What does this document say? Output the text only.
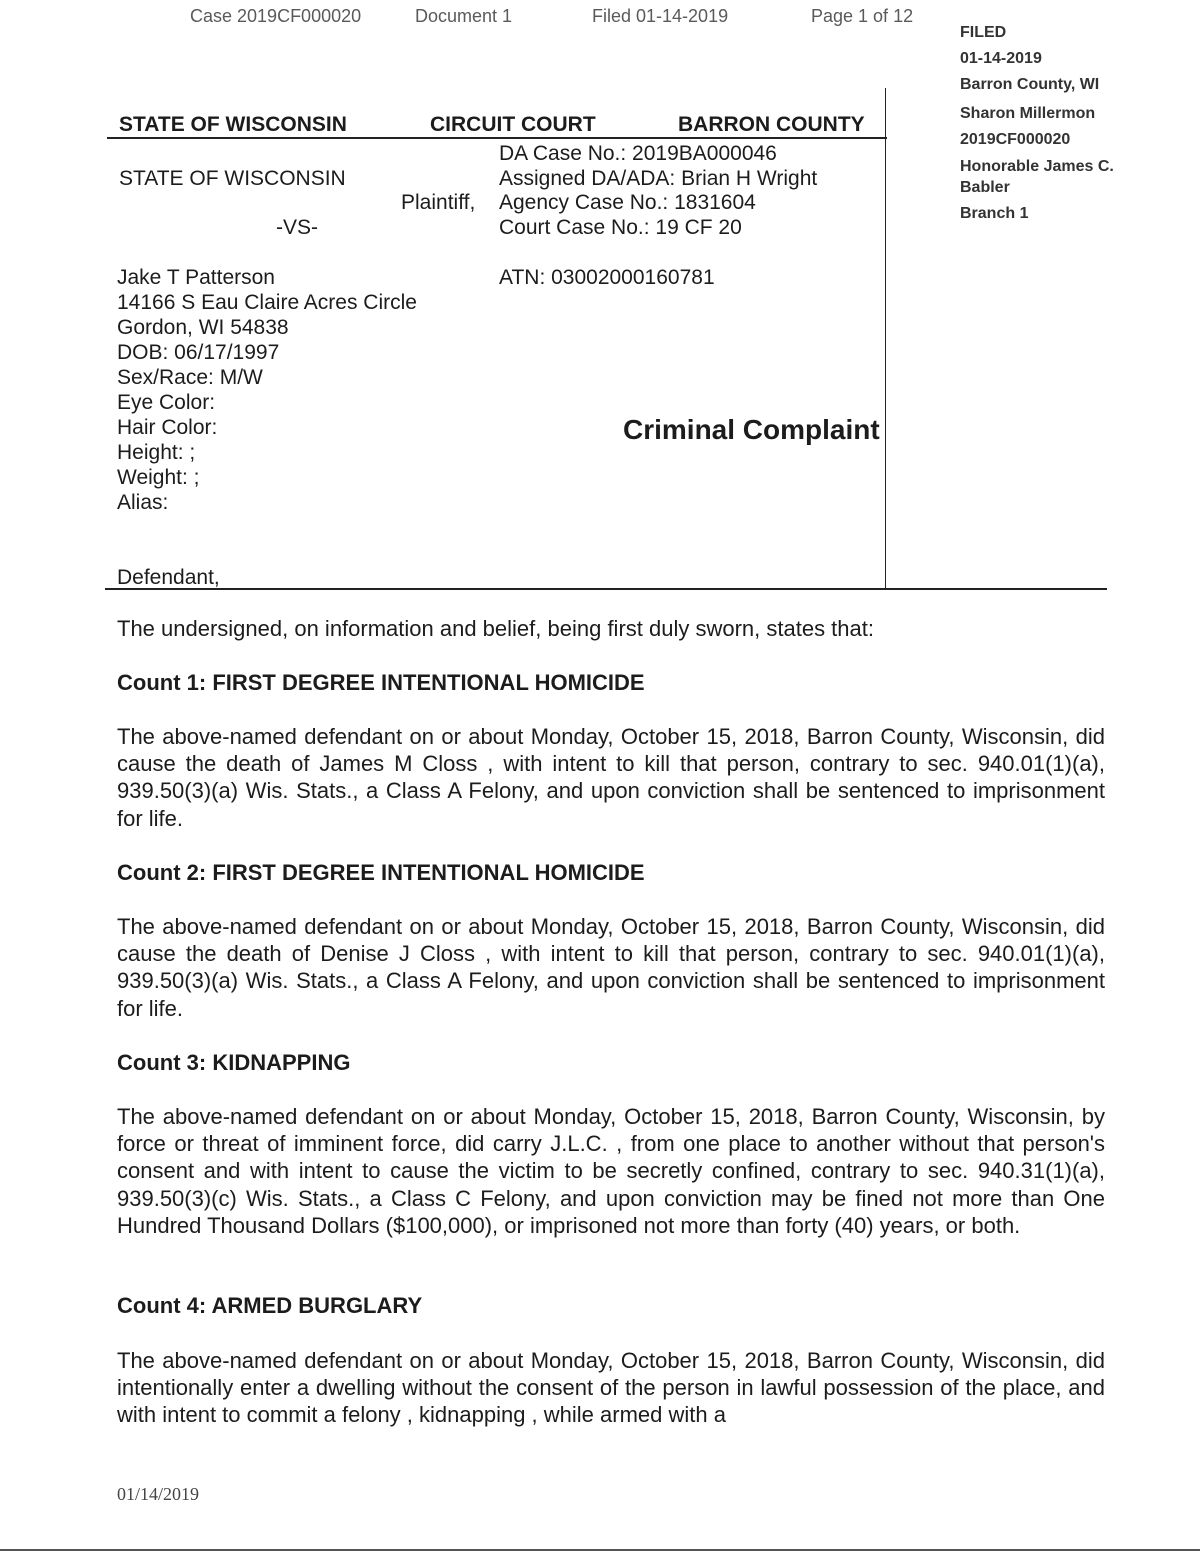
Case 2019CF000020	Document 1	Filed 01-14-2019	Page 1 of 12
FILED
01-14-2019
Barron County, WI
Sharon Millermon
2019CF000020
Honorable James C.
Babler
Branch 1
STATE OF WISCONSIN	CIRCUIT COURT	BARRON COUNTY
STATE OF WISCONSIN
Plaintiff,
-VS-
DA Case No.: 2019BA000046
Assigned DA/ADA: Brian H Wright
Agency Case No.: 1831604
Court Case No.: 19 CF 20
ATN: 03002000160781
Jake T Patterson
14166 S Eau Claire Acres Circle
Gordon, WI 54838
DOB: 06/17/1997
Sex/Race: M/W
Eye Color:
Hair Color:
Height: ;
Weight: ;
Alias:
Defendant,
Criminal Complaint
The undersigned, on information and belief, being first duly sworn, states that:
Count 1: FIRST DEGREE INTENTIONAL HOMICIDE

The above-named defendant on or about Monday, October 15, 2018, Barron County, Wisconsin, did cause the death of James M Closs , with intent to kill that person, contrary to sec. 940.01(1)(a), 939.50(3)(a) Wis. Stats., a Class A Felony, and upon conviction shall be sentenced to imprisonment for life.

Count 2: FIRST DEGREE INTENTIONAL HOMICIDE

The above-named defendant on or about Monday, October 15, 2018, Barron County, Wisconsin, did cause the death of Denise J Closs , with intent to kill that person, contrary to sec. 940.01(1)(a), 939.50(3)(a) Wis. Stats., a Class A Felony, and upon conviction shall be sentenced to imprisonment for life.

Count 3: KIDNAPPING

The above-named defendant on or about Monday, October 15, 2018, Barron County, Wisconsin, by force or threat of imminent force, did carry J.L.C. , from one place to another without that person's consent and with intent to cause the victim to be secretly confined, contrary to sec. 940.31(1)(a), 939.50(3)(c) Wis. Stats., a Class C Felony, and upon conviction may be fined not more than One Hundred Thousand Dollars ($100,000), or imprisoned not more than forty (40) years, or both.

Count 4: ARMED BURGLARY

The above-named defendant on or about Monday, October 15, 2018, Barron County, Wisconsin, did intentionally enter a dwelling without the consent of the person in lawful possession of the place, and with intent to commit a felony , kidnapping , while armed with a

01/14/2019
